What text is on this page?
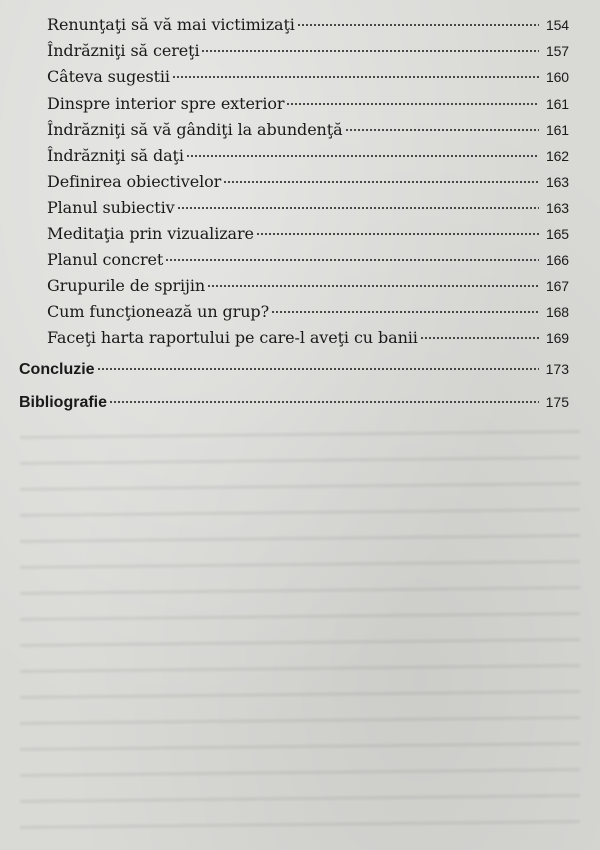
Renunţaţi să vă mai victimizaţi	154
Îndrăzniţi să cereţi	157
Câteva sugestii	160
Dinspre interior spre exterior	161
Îndrăzniţi să vă gândiţi la abundenţă	161
Îndrăzniţi să daţi	162
Definirea obiectivelor	163
Planul subiectiv	163
Meditaţia prin vizualizare	165
Planul concret	166
Grupurile de sprijin	167
Cum funcţionează un grup?	168
Faceţi harta raportului pe care-l aveţi cu banii	169
Concluzie	173
Bibliografie	175
